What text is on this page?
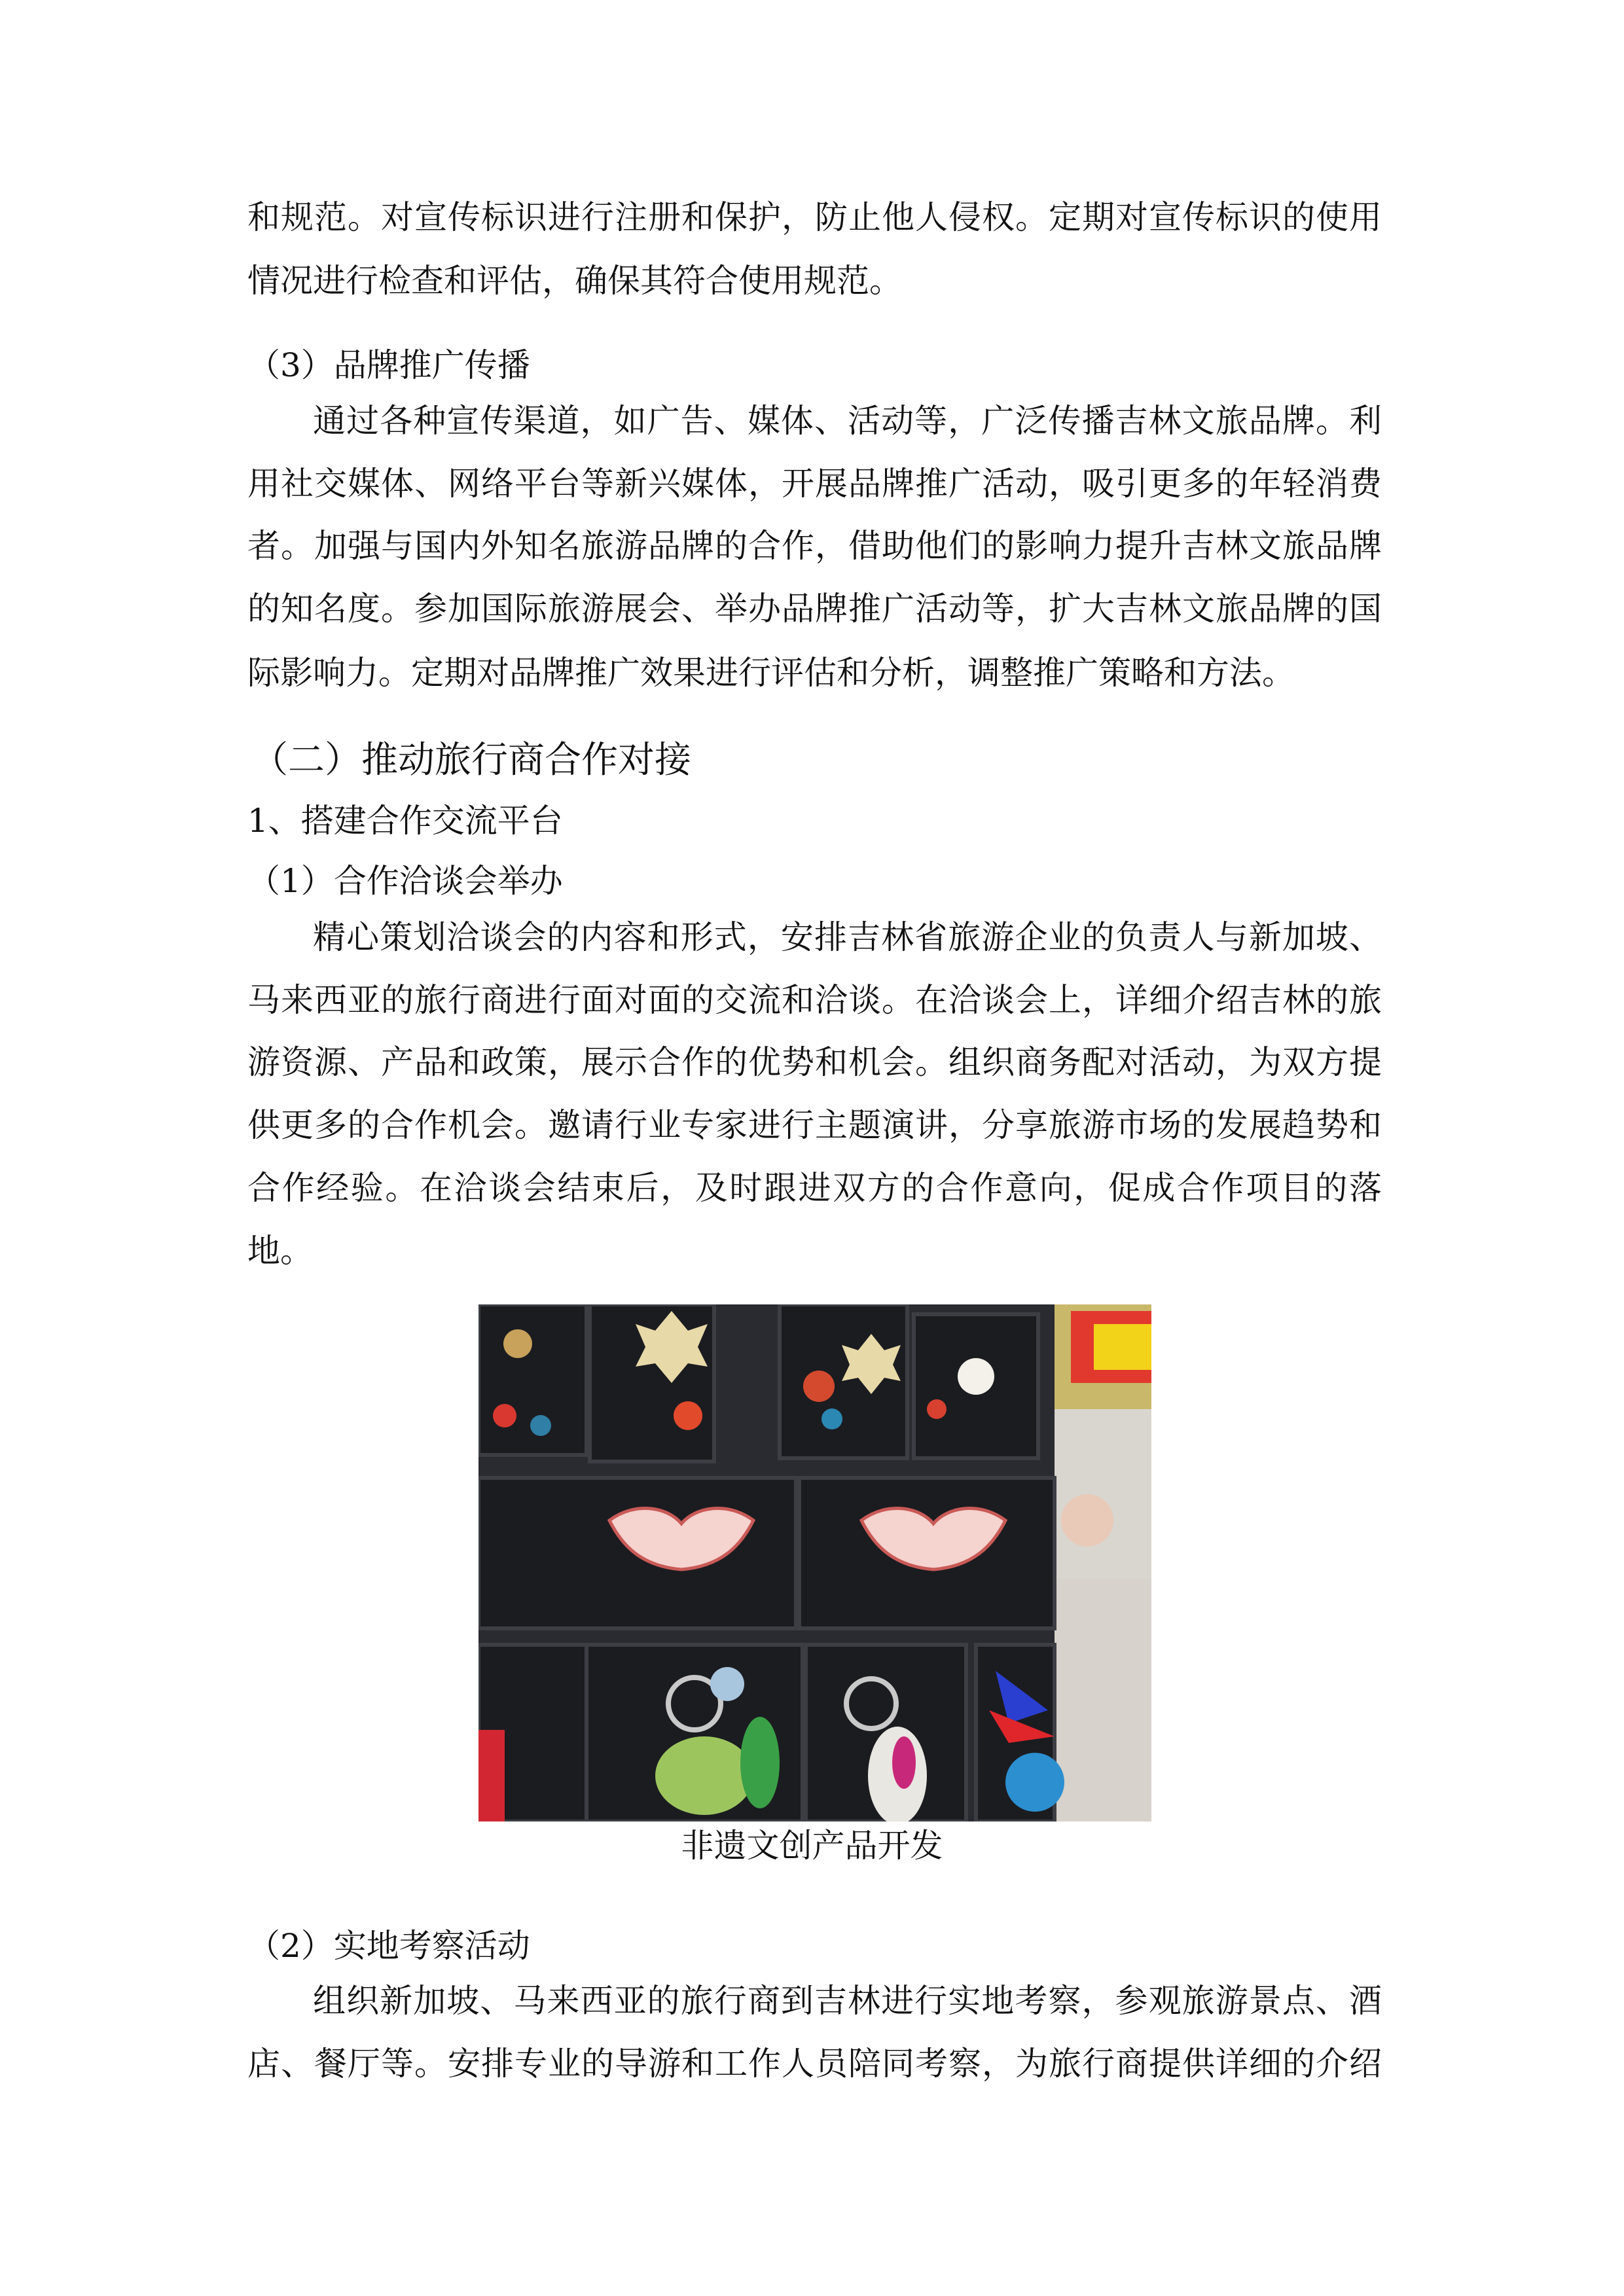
和规范。对宣传标识进行注册和保护，防止他人侵权。定期对宣传标识的使用
情况进行检查和评估，确保其符合使用规范。
（3）品牌推广传播
通过各种宣传渠道，如广告、媒体、活动等，广泛传播吉林文旅品牌。利
用社交媒体、网络平台等新兴媒体，开展品牌推广活动，吸引更多的年轻消费
者。加强与国内外知名旅游品牌的合作，借助他们的影响力提升吉林文旅品牌
的知名度。参加国际旅游展会、举办品牌推广活动等，扩大吉林文旅品牌的国
际影响力。定期对品牌推广效果进行评估和分析，调整推广策略和方法。
（二）推动旅行商合作对接
1、搭建合作交流平台
（1）合作洽谈会举办
精心策划洽谈会的内容和形式，安排吉林省旅游企业的负责人与新加坡、
马来西亚的旅行商进行面对面的交流和洽谈。在洽谈会上，详细介绍吉林的旅
游资源、产品和政策，展示合作的优势和机会。组织商务配对活动，为双方提
供更多的合作机会。邀请行业专家进行主题演讲，分享旅游市场的发展趋势和
合作经验。在洽谈会结束后，及时跟进双方的合作意向，促成合作项目的落
地。
非遗文创产品开发
（2）实地考察活动
组织新加坡、马来西亚的旅行商到吉林进行实地考察，参观旅游景点、酒
店、餐厅等。安排专业的导游和工作人员陪同考察，为旅行商提供详细的介绍
